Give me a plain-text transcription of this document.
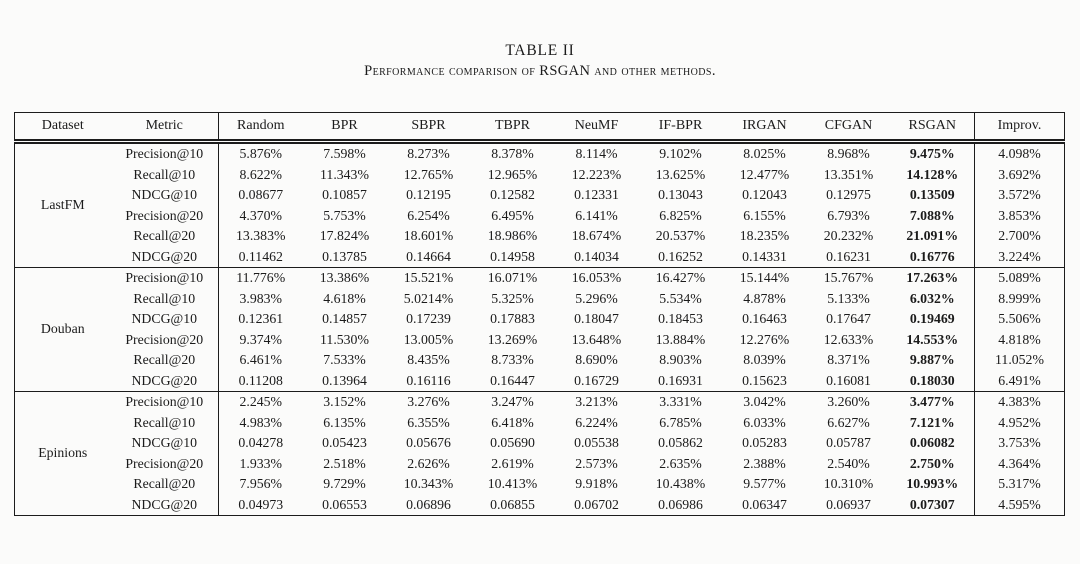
TABLE II
Performance comparison of RSGAN and other methods.
Dataset	Metric	Random	BPR	SBPR	TBPR	NeuMF	IF-BPR	IRGAN	CFGAN	RSGAN	Improv.
LastFM	Precision@10	5.876%	7.598%	8.273%	8.378%	8.114%	9.102%	8.025%	8.968%	9.475%	4.098%
	Recall@10	8.622%	11.343%	12.765%	12.965%	12.223%	13.625%	12.477%	13.351%	14.128%	3.692%
	NDCG@10	0.08677	0.10857	0.12195	0.12582	0.12331	0.13043	0.12043	0.12975	0.13509	3.572%
	Precision@20	4.370%	5.753%	6.254%	6.495%	6.141%	6.825%	6.155%	6.793%	7.088%	3.853%
	Recall@20	13.383%	17.824%	18.601%	18.986%	18.674%	20.537%	18.235%	20.232%	21.091%	2.700%
	NDCG@20	0.11462	0.13785	0.14664	0.14958	0.14034	0.16252	0.14331	0.16231	0.16776	3.224%
Douban	Precision@10	11.776%	13.386%	15.521%	16.071%	16.053%	16.427%	15.144%	15.767%	17.263%	5.089%
	Recall@10	3.983%	4.618%	5.0214%	5.325%	5.296%	5.534%	4.878%	5.133%	6.032%	8.999%
	NDCG@10	0.12361	0.14857	0.17239	0.17883	0.18047	0.18453	0.16463	0.17647	0.19469	5.506%
	Precision@20	9.374%	11.530%	13.005%	13.269%	13.648%	13.884%	12.276%	12.633%	14.553%	4.818%
	Recall@20	6.461%	7.533%	8.435%	8.733%	8.690%	8.903%	8.039%	8.371%	9.887%	11.052%
	NDCG@20	0.11208	0.13964	0.16116	0.16447	0.16729	0.16931	0.15623	0.16081	0.18030	6.491%
Epinions	Precision@10	2.245%	3.152%	3.276%	3.247%	3.213%	3.331%	3.042%	3.260%	3.477%	4.383%
	Recall@10	4.983%	6.135%	6.355%	6.418%	6.224%	6.785%	6.033%	6.627%	7.121%	4.952%
	NDCG@10	0.04278	0.05423	0.05676	0.05690	0.05538	0.05862	0.05283	0.05787	0.06082	3.753%
	Precision@20	1.933%	2.518%	2.626%	2.619%	2.573%	2.635%	2.388%	2.540%	2.750%	4.364%
	Recall@20	7.956%	9.729%	10.343%	10.413%	9.918%	10.438%	9.577%	10.310%	10.993%	5.317%
	NDCG@20	0.04973	0.06553	0.06896	0.06855	0.06702	0.06986	0.06347	0.06937	0.07307	4.595%
